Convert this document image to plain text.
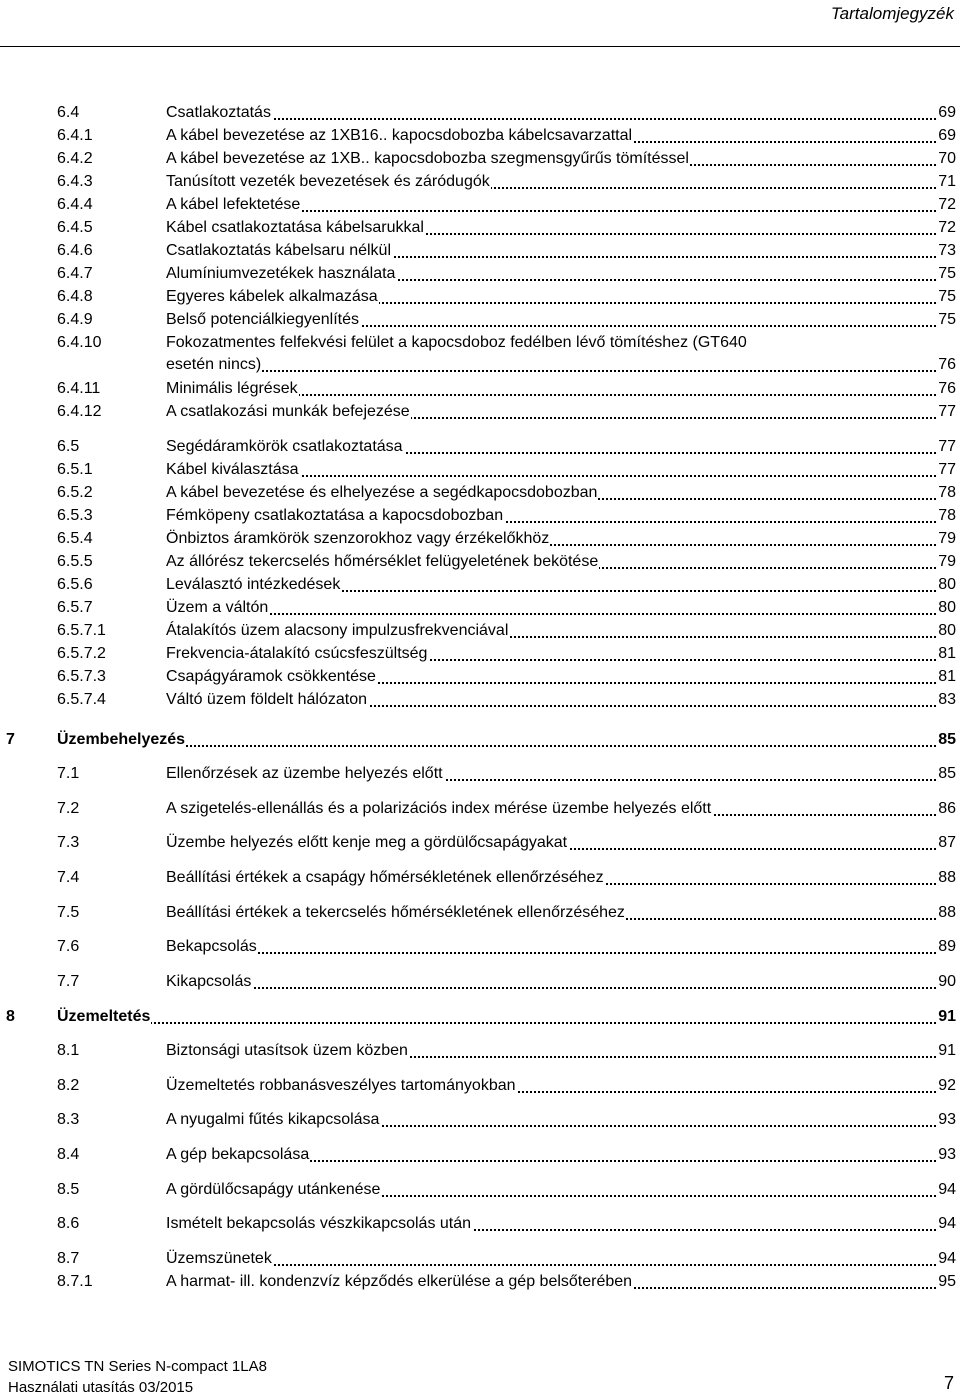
Tartalomjegyzék
6.4	Csatlakoztatás	69
6.4.1	A kábel bevezetése az 1XB16.. kapocsdobozba kábelcsavarzattal	69
6.4.2	A kábel bevezetése az 1XB.. kapocsdobozba szegmensgyűrűs tömítéssel	70
6.4.3	Tanúsított vezeték bevezetések és záródugók	71
6.4.4	A kábel lefektetése	72
6.4.5	Kábel csatlakoztatása kábelsarukkal	72
6.4.6	Csatlakoztatás kábelsaru nélkül	73
6.4.7	Alumíniumvezetékek használata	75
6.4.8	Egyeres kábelek alkalmazása	75
6.4.9	Belső potenciálkiegyenlítés	75
6.4.10	Fokozatmentes felfekvési felület a kapocsdoboz fedélben lévő tömítéshez (GT640
esetén nincs)	76
6.4.11	Minimális légrések	76
6.4.12	A csatlakozási munkák befejezése	77
6.5	Segédáramkörök csatlakoztatása	77
6.5.1	Kábel kiválasztása	77
6.5.2	A kábel bevezetése és elhelyezése a segédkapocsdobozban	78
6.5.3	Fémköpeny csatlakoztatása a kapocsdobozban	78
6.5.4	Önbiztos áramkörök szenzorokhoz vagy érzékelőkhöz	79
6.5.5	Az állórész tekercselés hőmérséklet felügyeletének bekötése	79
6.5.6	Leválasztó intézkedések	80
6.5.7	Üzem a váltón	80
6.5.7.1	Átalakítós üzem alacsony impulzusfrekvenciával	80
6.5.7.2	Frekvencia-átalakító csúcsfeszültség	81
6.5.7.3	Csapágyáramok csökkentése	81
6.5.7.4	Váltó üzem földelt hálózaton	83
7	Üzembehelyezés	85
7.1	Ellenőrzések az üzembe helyezés előtt	85
7.2	A szigetelés-ellenállás és a polarizációs index mérése üzembe helyezés előtt	86
7.3	Üzembe helyezés előtt kenje meg a gördülőcsapágyakat	87
7.4	Beállítási értékek a csapágy hőmérsékletének ellenőrzéséhez	88
7.5	Beállítási értékek a tekercselés hőmérsékletének ellenőrzéséhez	88
7.6	Bekapcsolás	89
7.7	Kikapcsolás	90
8	Üzemeltetés	91
8.1	Biztonsági utasítsok üzem közben	91
8.2	Üzemeltetés robbanásveszélyes tartományokban	92
8.3	A nyugalmi fűtés kikapcsolása	93
8.4	A gép bekapcsolása	93
8.5	A gördülőcsapágy utánkenése	94
8.6	Ismételt bekapcsolás vészkikapcsolás után	94
8.7	Üzemszünetek	94
8.7.1	A harmat- ill. kondenzvíz képződés elkerülése a gép belsőterében	95
SIMOTICS TN Series N-compact 1LA8
Használati utasítás 03/2015	7
